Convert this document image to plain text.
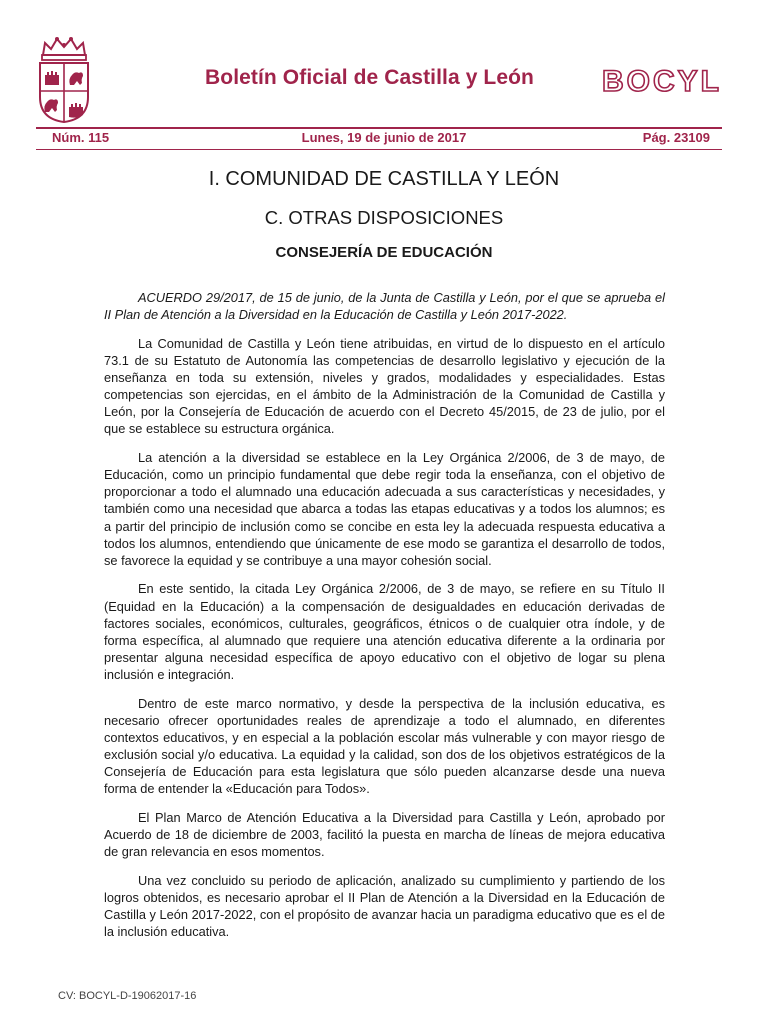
Boletín Oficial de Castilla y León BOCYL
Núm. 115	Lunes, 19 de junio de 2017	Pág. 23109
I. COMUNIDAD DE CASTILLA Y LEÓN
C. OTRAS DISPOSICIONES
CONSEJERÍA DE EDUCACIÓN

ACUERDO 29/2017, de 15 de junio, de la Junta de Castilla y León, por el que se aprueba el II Plan de Atención a la Diversidad en la Educación de Castilla y León 2017-2022.

La Comunidad de Castilla y León tiene atribuidas, en virtud de lo dispuesto en el artículo 73.1 de su Estatuto de Autonomía las competencias de desarrollo legislativo y ejecución de la enseñanza en toda su extensión, niveles y grados, modalidades y especialidades. Estas competencias son ejercidas, en el ámbito de la Administración de la Comunidad de Castilla y León, por la Consejería de Educación de acuerdo con el Decreto 45/2015, de 23 de julio, por el que se establece su estructura orgánica.

La atención a la diversidad se establece en la Ley Orgánica 2/2006, de 3 de mayo, de Educación, como un principio fundamental que debe regir toda la enseñanza, con el objetivo de proporcionar a todo el alumnado una educación adecuada a sus características y necesidades, y también como una necesidad que abarca a todas las etapas educativas y a todos los alumnos; es a partir del principio de inclusión como se concibe en esta ley la adecuada respuesta educativa a todos los alumnos, entendiendo que únicamente de ese modo se garantiza el desarrollo de todos, se favorece la equidad y se contribuye a una mayor cohesión social.

En este sentido, la citada Ley Orgánica 2/2006, de 3 de mayo, se refiere en su Título II (Equidad en la Educación) a la compensación de desigualdades en educación derivadas de factores sociales, económicos, culturales, geográficos, étnicos o de cualquier otra índole, y de forma específica, al alumnado que requiere una atención educativa diferente a la ordinaria por presentar alguna necesidad específica de apoyo educativo con el objetivo de logar su plena inclusión e integración.

Dentro de este marco normativo, y desde la perspectiva de la inclusión educativa, es necesario ofrecer oportunidades reales de aprendizaje a todo el alumnado, en diferentes contextos educativos, y en especial a la población escolar más vulnerable y con mayor riesgo de exclusión social y/o educativa. La equidad y la calidad, son dos de los objetivos estratégicos de la Consejería de Educación para esta legislatura que sólo pueden alcanzarse desde una nueva forma de entender la «Educación para Todos».

El Plan Marco de Atención Educativa a la Diversidad para Castilla y León, aprobado por Acuerdo de 18 de diciembre de 2003, facilitó la puesta en marcha de líneas de mejora educativa de gran relevancia en esos momentos.

Una vez concluido su periodo de aplicación, analizado su cumplimiento y partiendo de los logros obtenidos, es necesario aprobar el II Plan de Atención a la Diversidad en la Educación de Castilla y León 2017-2022, con el propósito de avanzar hacia un paradigma educativo que es el de la inclusión educativa.

CV: BOCYL-D-19062017-16
